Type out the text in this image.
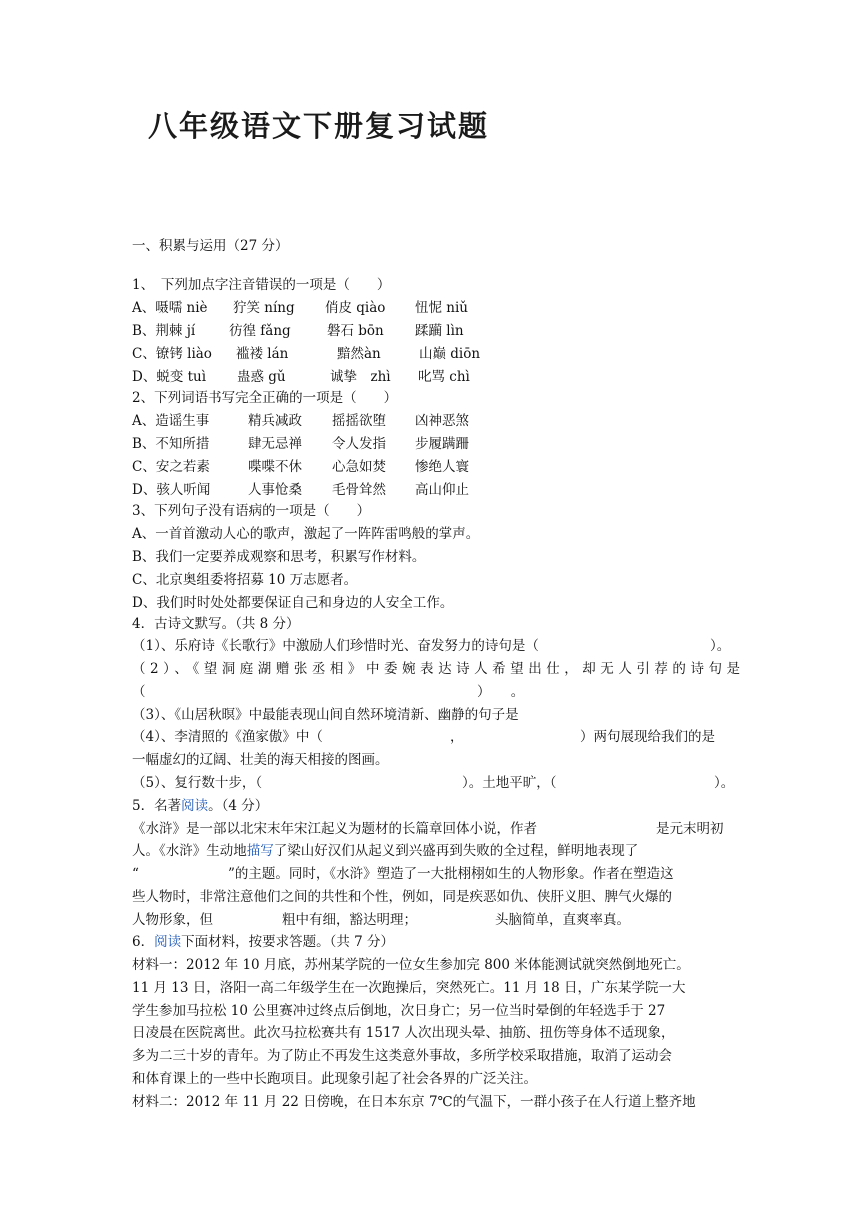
八年级语文下册复习试题
一、积累与运用（27 分）
1、　下列加点字注音错误的一项是（　　）
A、嗫嚅 niè 狞笑 níng 俏皮 qiào 忸怩 niǔ
B、荆棘 jí	彷徨 fǎng	磐石 bōn 蹂躏 lìn
C、镣铐 liào 褴褛 lán	黯然àn	山巅 diōn
D、蜕变 tuì 蛊惑 gǔ	诚挚　zhì 叱骂 chì
2、下列词语书写完全正确的一项是（　　）
A、造谣生事	精兵减政 摇摇欲堕 凶神恶煞
B、不知所措	肆无忌禅 令人发指 步履蹒跚
C、安之若素	喋喋不休 心急如焚 惨绝人寰
D、骇人听闻	人事怆桑 毛骨耸然 高山仰止
3、下列句子没有语病的一项是（　　）
A、一首首激动人心的歌声，激起了一阵阵雷鸣般的掌声。
B、我们一定要养成观察和思考，积累写作材料。
C、北京奥组委将招募 10 万志愿者。
D、我们时时处处都要保证自己和身边的人安全工作。
4．古诗文默写。（共 8 分）
（1）、乐府诗《长歌行》中激励人们珍惜时光、奋发努力的诗句是（	）。
（2）、《望洞庭湖赠张丞相》中委婉表达诗人希望出仕，却无人引荐的诗句是
（	）　　。
（3）、《山居秋暝》中最能表现山间自然环境清新、幽静的句子是
（4）、李清照的《渔家傲》中（	，	）两句展现给我们的是
一幅虚幻的辽阔、壮美的海天相接的图画。
（5）、复行数十步，（	）。土地平旷，（	）。
5．名著阅读。（4 分）
《水浒》是一部以北宋末年宋江起义为题材的长篇章回体小说，作者	是元末明初
人。《水浒》生动地描写了梁山好汉们从起义到兴盛再到失败的全过程，鲜明地表现了
“	”的主题。同时，《水浒》塑造了一大批栩栩如生的人物形象。作者在塑造这
些人物时，非常注意他们之间的共性和个性，例如，同是疾恶如仇、侠肝义胆、脾气火爆的
人物形象，但	粗中有细，豁达明理；	头脑简单，直爽率真。
6．阅读下面材料，按要求答题。（共 7 分）
材料一：2012 年 10 月底，苏州某学院的一位女生参加完 800 米体能测试就突然倒地死亡。
11 月 13 日，洛阳一高二年级学生在一次跑操后，突然死亡。11 月 18 日，广东某学院一大
学生参加马拉松 10 公里赛冲过终点后倒地，次日身亡；另一位当时晕倒的年轻选手于 27
日凌晨在医院离世。此次马拉松赛共有 1517 人次出现头晕、抽筋、扭伤等身体不适现象，
多为二三十岁的青年。为了防止不再发生这类意外事故，多所学校采取措施，取消了运动会
和体育课上的一些中长跑项目。此现象引起了社会各界的广泛关注。
材料二：2012 年 11 月 22 日傍晚，在日本东京 7℃的气温下，一群小孩子在人行道上整齐地
